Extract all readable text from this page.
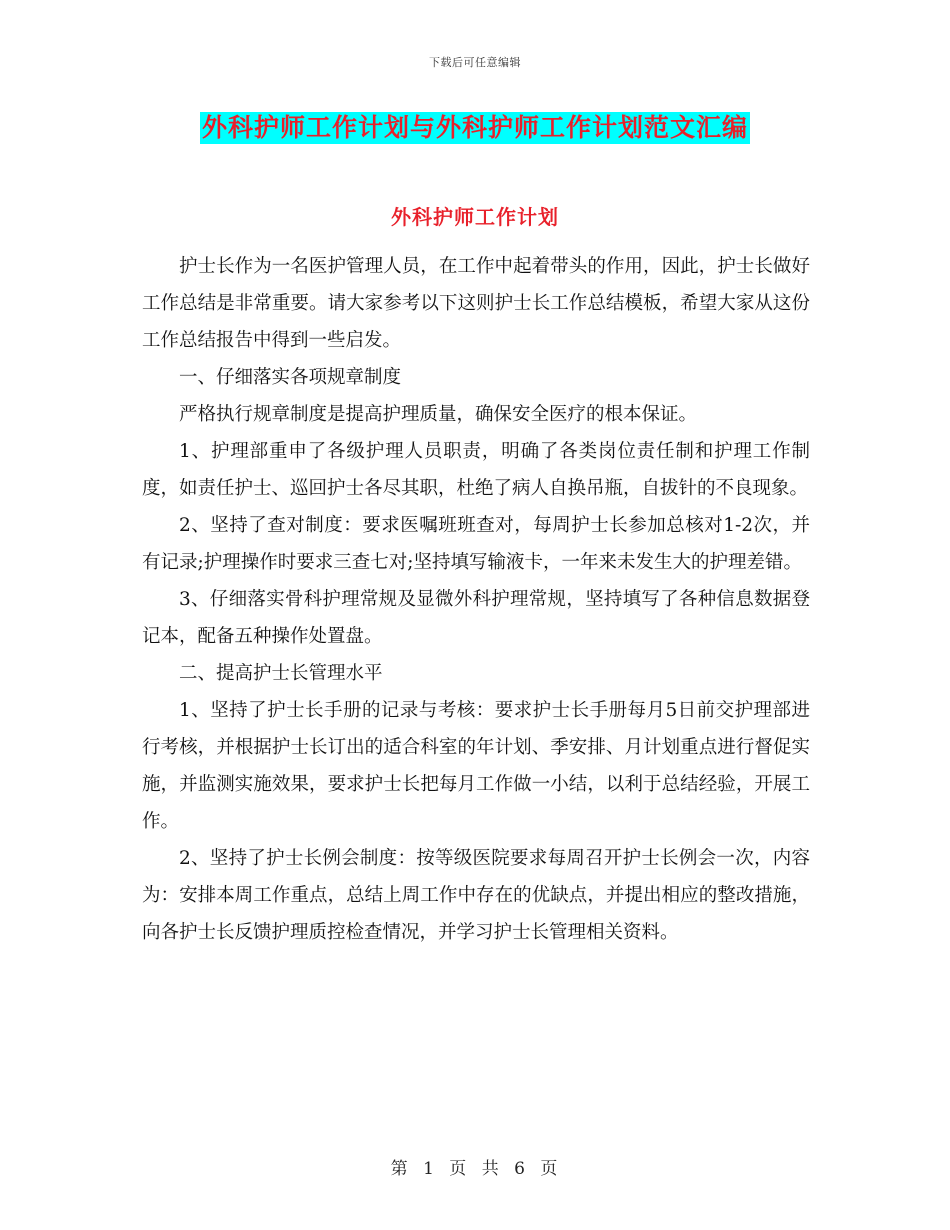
下载后可任意编辑
外科护师工作计划与外科护师工作计划范文汇编
外科护师工作计划

护士长作为一名医护管理人员，在工作中起着带头的作用，因此，护士长做好工作总结是非常重要。请大家参考以下这则护士长工作总结模板，希望大家从这份工作总结报告中得到一些启发。

一、仔细落实各项规章制度

严格执行规章制度是提高护理质量，确保安全医疗的根本保证。

1、护理部重申了各级护理人员职责，明确了各类岗位责任制和护理工作制度，如责任护士、巡回护士各尽其职，杜绝了病人自换吊瓶，自拔针的不良现象。

2、坚持了查对制度：要求医嘱班班查对，每周护士长参加总核对1-2次，并有记录;护理操作时要求三查七对;坚持填写输液卡，一年来未发生大的护理差错。

3、仔细落实骨科护理常规及显微外科护理常规，坚持填写了各种信息数据登记本，配备五种操作处置盘。

二、提高护士长管理水平

1、坚持了护士长手册的记录与考核：要求护士长手册每月5日前交护理部进行考核，并根据护士长订出的适合科室的年计划、季安排、月计划重点进行督促实施，并监测实施效果，要求护士长把每月工作做一小结，以利于总结经验，开展工作。

2、坚持了护士长例会制度：按等级医院要求每周召开护士长例会一次，内容为：安排本周工作重点，总结上周工作中存在的优缺点，并提出相应的整改措施，向各护士长反馈护理质控检查情况，并学习护士长管理相关资料。

第 1 页 共 6 页
